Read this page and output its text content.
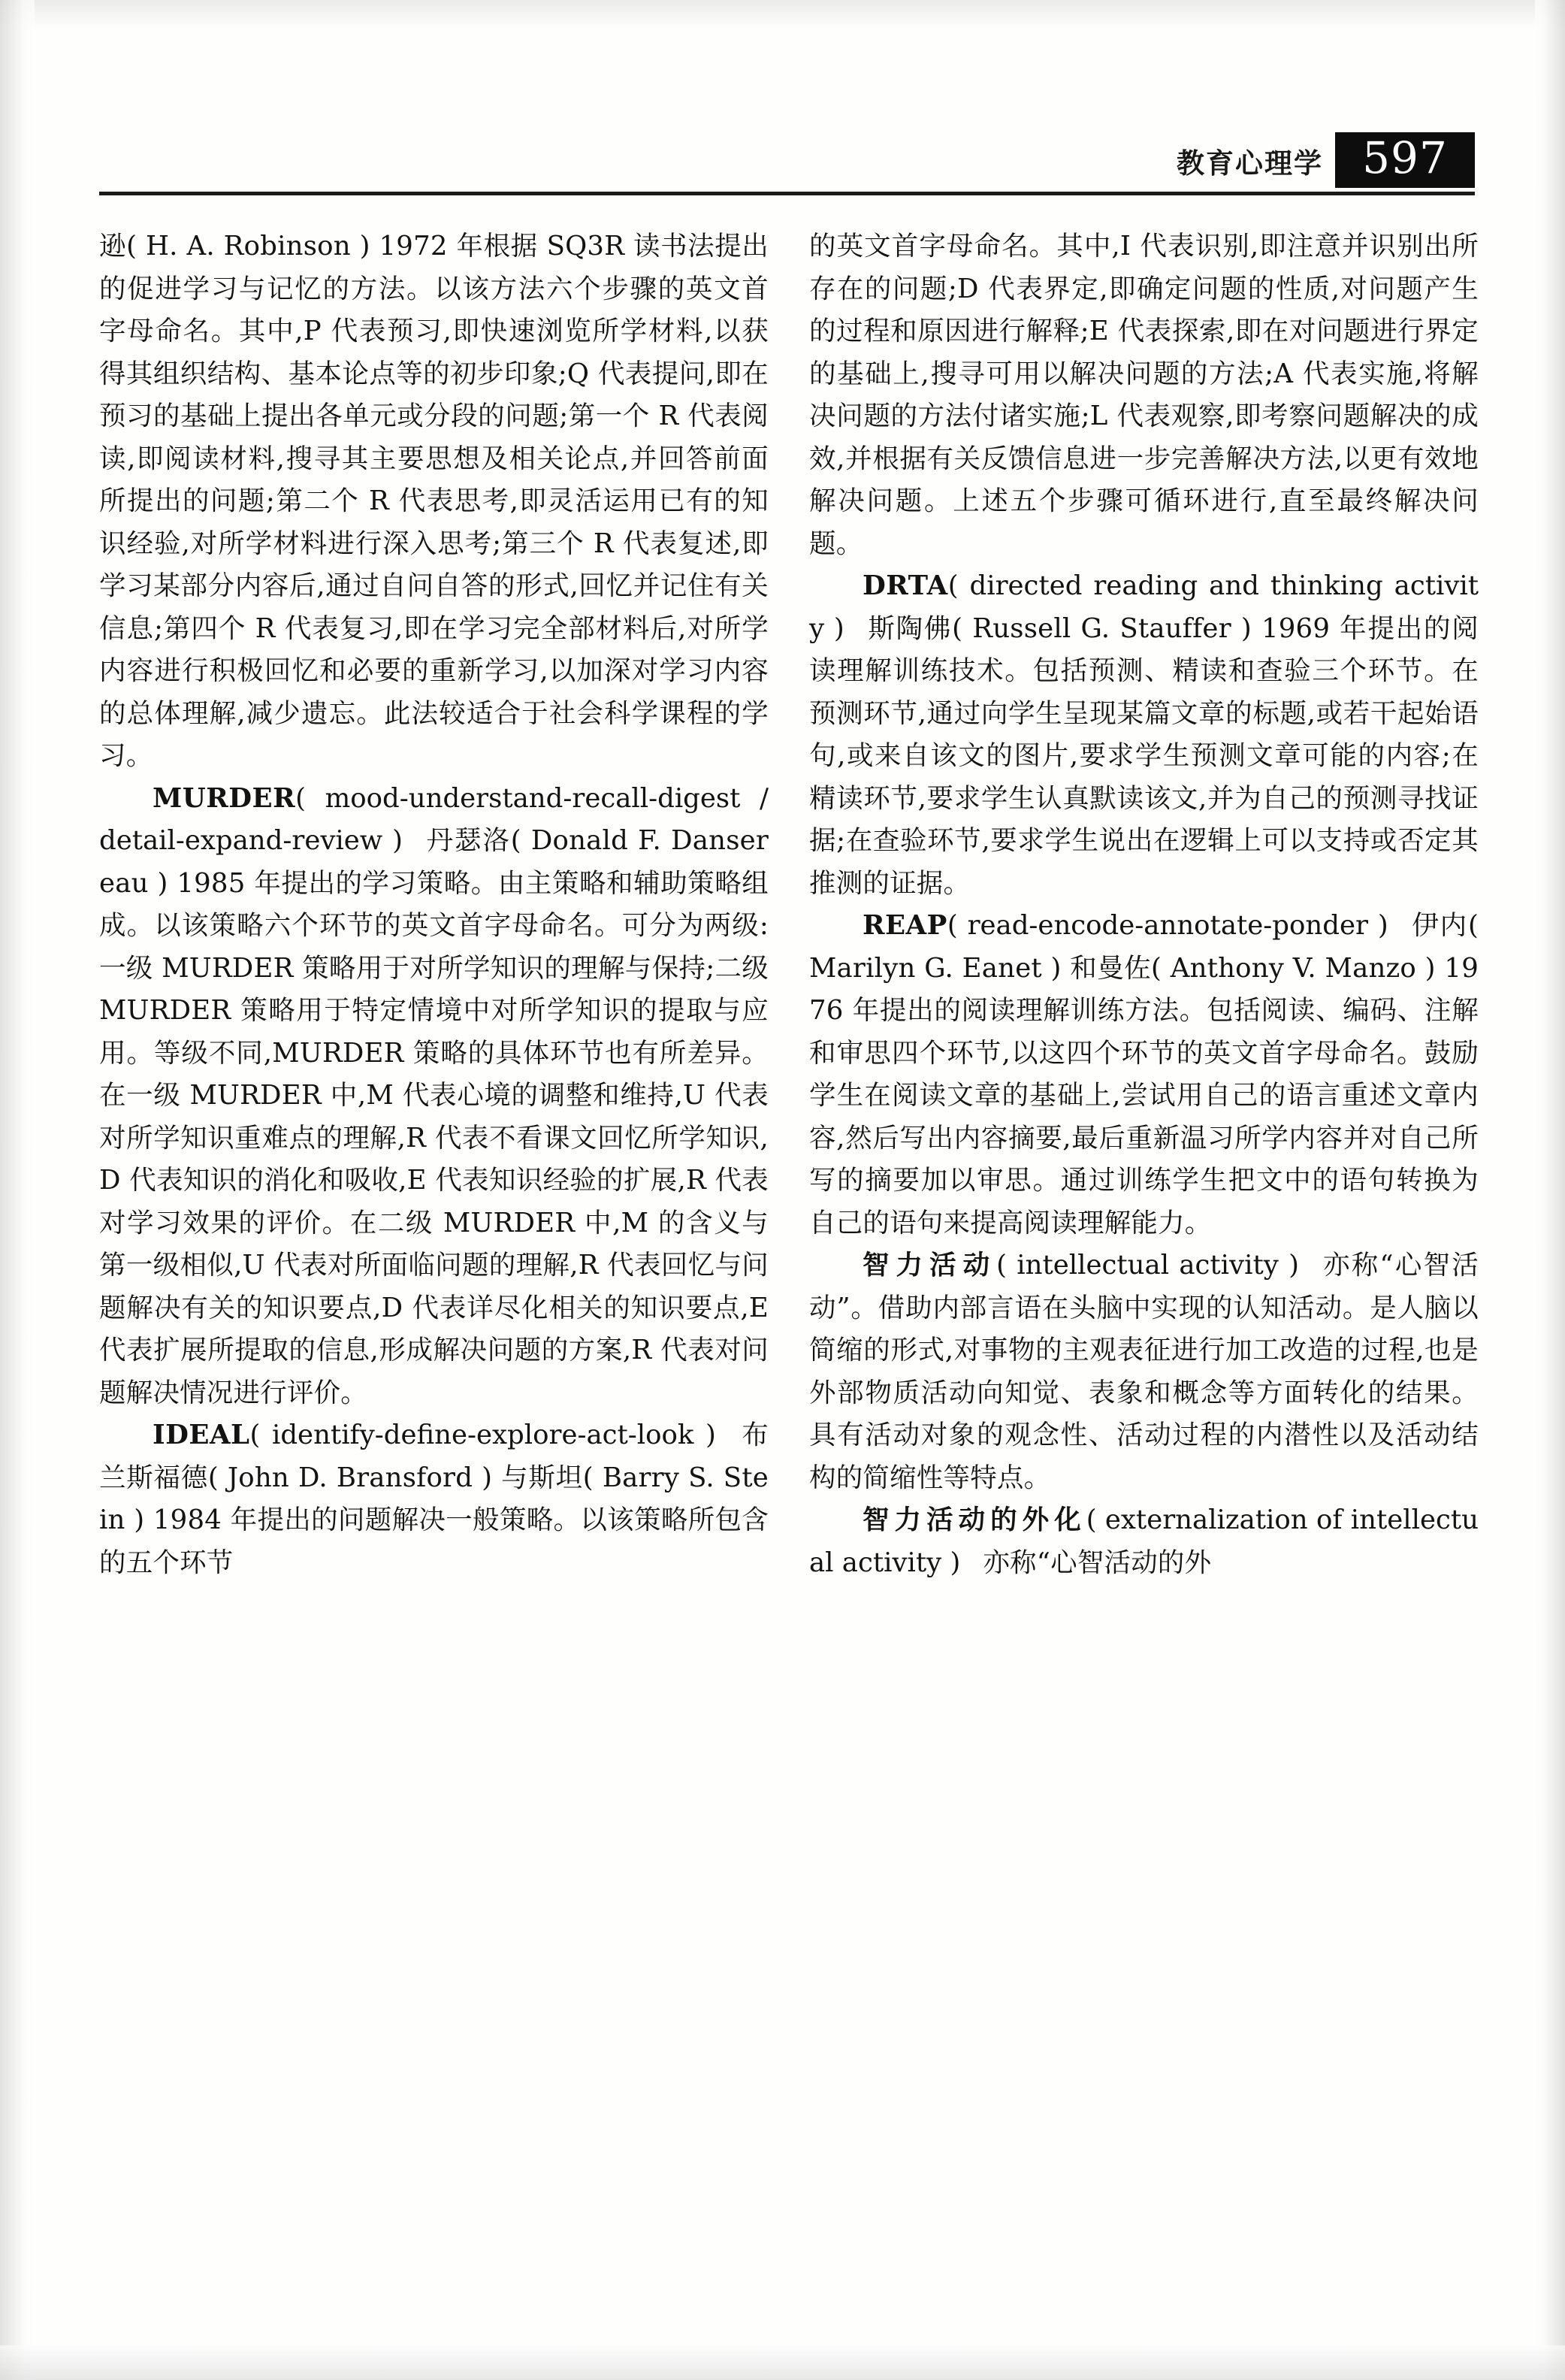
教育心理学 597

逊( H. A. Robinson ) 1972 年根据 SQ3R 读书法提出的促进学习与记忆的方法。以该方法六个步骤的英文首字母命名。其中,P 代表预习,即快速浏览所学材料,以获得其组织结构、基本论点等的初步印象;Q 代表提问,即在预习的基础上提出各单元或分段的问题;第一个 R 代表阅读,即阅读材料,搜寻其主要思想及相关论点,并回答前面所提出的问题;第二个 R 代表思考,即灵活运用已有的知识经验,对所学材料进行深入思考;第三个 R 代表复述,即学习某部分内容后,通过自问自答的形式,回忆并记住有关信息;第四个 R 代表复习,即在学习完全部材料后,对所学内容进行积极回忆和必要的重新学习,以加深对学习内容的总体理解,减少遗忘。此法较适合于社会科学课程的学习。

MURDER( mood-understand-recall-digest / detail-expand-review ) 丹瑟洛( Donald F. Dansereau ) 1985 年提出的学习策略。由主策略和辅助策略组成。以该策略六个环节的英文首字母命名。可分为两级:一级 MURDER 策略用于对所学知识的理解与保持;二级 MURDER 策略用于特定情境中对所学知识的提取与应用。等级不同,MURDER 策略的具体环节也有所差异。在一级 MURDER 中,M 代表心境的调整和维持,U 代表对所学知识重难点的理解,R 代表不看课文回忆所学知识,D 代表知识的消化和吸收,E 代表知识经验的扩展,R 代表对学习效果的评价。在二级 MURDER 中,M 的含义与第一级相似,U 代表对所面临问题的理解,R 代表回忆与问题解决有关的知识要点,D 代表详尽化相关的知识要点,E 代表扩展所提取的信息,形成解决问题的方案,R 代表对问题解决情况进行评价。

IDEAL( identify-define-explore-act-look ) 布兰斯福德( John D. Bransford ) 与斯坦( Barry S. Stein ) 1984 年提出的问题解决一般策略。以该策略所包含的五个环节

的英文首字母命名。其中,I 代表识别,即注意并识别出所存在的问题;D 代表界定,即确定问题的性质,对问题产生的过程和原因进行解释;E 代表探索,即在对问题进行界定的基础上,搜寻可用以解决问题的方法;A 代表实施,将解决问题的方法付诸实施;L 代表观察,即考察问题解决的成效,并根据有关反馈信息进一步完善解决方法,以更有效地解决问题。上述五个步骤可循环进行,直至最终解决问题。

DRTA( directed reading and thinking activity ) 斯陶佛( Russell G. Stauffer ) 1969 年提出的阅读理解训练技术。包括预测、精读和查验三个环节。在预测环节,通过向学生呈现某篇文章的标题,或若干起始语句,或来自该文的图片,要求学生预测文章可能的内容;在精读环节,要求学生认真默读该文,并为自己的预测寻找证据;在查验环节,要求学生说出在逻辑上可以支持或否定其推测的证据。

REAP( read-encode-annotate-ponder ) 伊内( Marilyn G. Eanet ) 和曼佐( Anthony V. Manzo ) 1976 年提出的阅读理解训练方法。包括阅读、编码、注解和审思四个环节,以这四个环节的英文首字母命名。鼓励学生在阅读文章的基础上,尝试用自己的语言重述文章内容,然后写出内容摘要,最后重新温习所学内容并对自己所写的摘要加以审思。通过训练学生把文中的语句转换为自己的语句来提高阅读理解能力。

智力活动( intellectual activity ) 亦称“心智活动”。借助内部言语在头脑中实现的认知活动。是人脑以简缩的形式,对事物的主观表征进行加工改造的过程,也是外部物质活动向知觉、表象和概念等方面转化的结果。具有活动对象的观念性、活动过程的内潜性以及活动结构的简缩性等特点。

智力活动的外化( externalization of intellectual activity ) 亦称“心智活动的外
